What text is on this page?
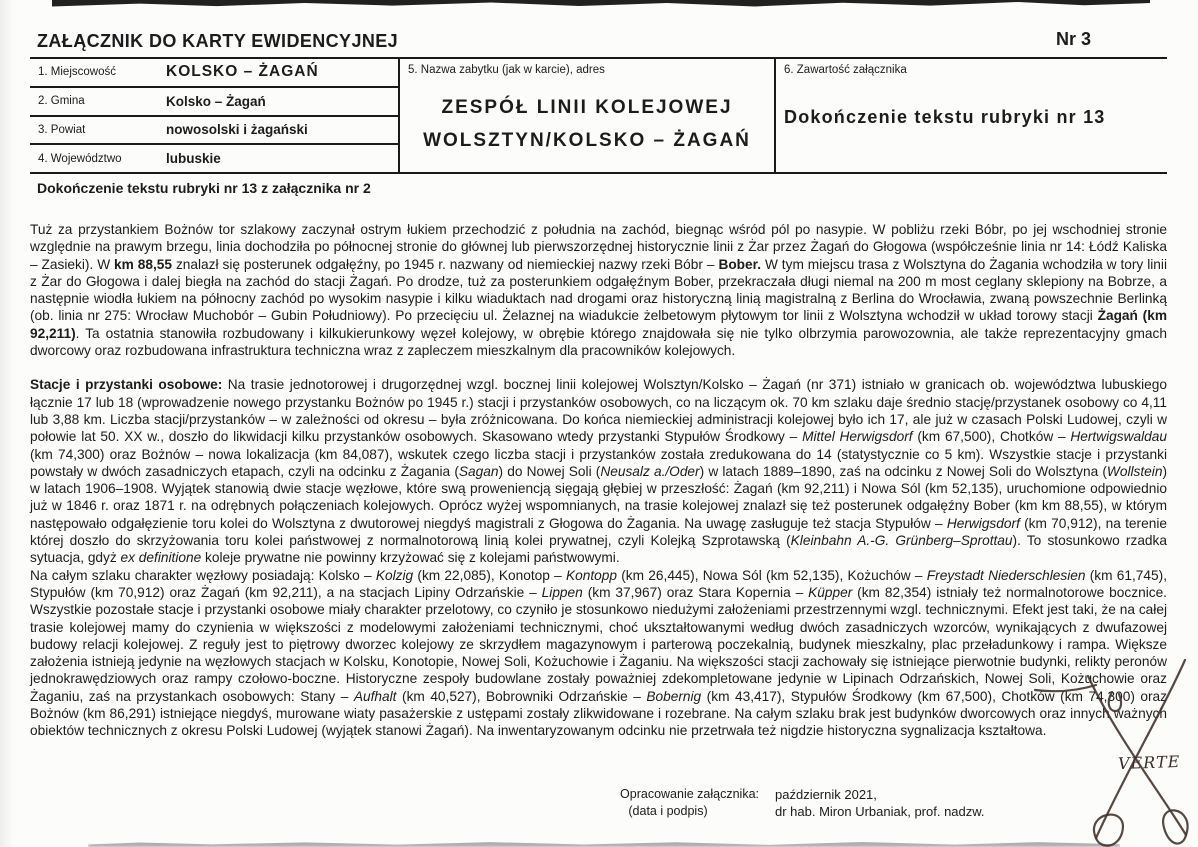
ZAŁĄCZNIK DO KARTY EWIDENCYJNEJ	Nr 3
1. Miejscowość	KOLSKO – ŻAGAŃ
2. Gmina	Kolsko – Żagań
3. Powiat	nowosolski i żagański
4. Województwo	lubuskie
5. Nazwa zabytku (jak w karcie), adres
ZESPÓŁ LINII KOLEJOWEJ
WOLSZTYN/KOLSKO – ŻAGAŃ
6. Zawartość załącznika
Dokończenie tekstu rubryki nr 13
Dokończenie tekstu rubryki nr 13 z załącznika nr 2

Tuż za przystankiem Bożnów tor szlakowy zaczynał ostrym łukiem przechodzić z południa na zachód, biegnąc wśród pól po nasypie. W pobliżu rzeki Bóbr, po jej wschodniej stronie względnie na prawym brzegu, linia dochodziła po północnej stronie do głównej lub pierwszorzędnej historycznie linii z Żar przez Żagań do Głogowa (współcześnie linia nr 14: Łódź Kaliska – Zasieki). W km 88,55 znalazł się posterunek odgałęźny, po 1945 r. nazwany od niemieckiej nazwy rzeki Bóbr – Bober. W tym miejscu trasa z Wolsztyna do Żagania wchodziła w tory linii z Żar do Głogowa i dalej biegła na zachód do stacji Żagań. Po drodze, tuż za posterunkiem odgałęźnym Bober, przekraczała długi niemal na 200 m most ceglany sklepiony na Bobrze, a następnie wiodła łukiem na północny zachód po wysokim nasypie i kilku wiaduktach nad drogami oraz historyczną linią magistralną z Berlina do Wrocławia, zwaną powszechnie Berlinką (ob. linia nr 275: Wrocław Muchobór – Gubin Południowy). Po przecięciu ul. Żelaznej na wiadukcie żelbetowym płytowym tor linii z Wolsztyna wchodził w układ torowy stacji Żagań (km 92,211). Ta ostatnia stanowiła rozbudowany i kilkukierunkowy węzeł kolejowy, w obrębie którego znajdowała się nie tylko olbrzymia parowozownia, ale także reprezentacyjny gmach dworcowy oraz rozbudowana infrastruktura techniczna wraz z zapleczem mieszkalnym dla pracowników kolejowych.

Stacje i przystanki osobowe: Na trasie jednotorowej i drugorzędnej wzgl. bocznej linii kolejowej Wolsztyn/Kolsko – Żagań (nr 371) istniało w granicach ob. województwa lubuskiego łącznie 17 lub 18 (wprowadzenie nowego przystanku Bożnów po 1945 r.) stacji i przystanków osobowych, co na liczącym ok. 70 km szlaku daje średnio stację/przystanek osobowy co 4,11 lub 3,88 km. Liczba stacji/przystanków – w zależności od okresu – była zróżnicowana. Do końca niemieckiej administracji kolejowej było ich 17, ale już w czasach Polski Ludowej, czyli w połowie lat 50. XX w., doszło do likwidacji kilku przystanków osobowych. Skasowano wtedy przystanki Stypułów Środkowy – Mittel Herwigsdorf (km 67,500), Chotków – Hertwigswaldau (km 74,300) oraz Bożnów – nowa lokalizacja (km 84,087), wskutek czego liczba stacji i przystanków została zredukowana do 14 (statystycznie co 5 km). Wszystkie stacje i przystanki powstały w dwóch zasadniczych etapach, czyli na odcinku z Żagania (Sagan) do Nowej Soli (Neusalz a./Oder) w latach 1889–1890, zaś na odcinku z Nowej Soli do Wolsztyna (Wollstein) w latach 1906–1908. Wyjątek stanowią dwie stacje węzłowe, które swą proweniencją sięgają głębiej w przeszłość: Żagań (km 92,211) i Nowa Sól (km 52,135), uruchomione odpowiednio już w 1846 r. oraz 1871 r. na odrębnych połączeniach kolejowych. Oprócz wyżej wspomnianych, na trasie kolejowej znalazł się też posterunek odgałęźny Bober (km km 88,55), w którym następowało odgałęzienie toru kolei do Wolsztyna z dwutorowej niegdyś magistrali z Głogowa do Żagania. Na uwagę zasługuje też stacja Stypułów – Herwigsdorf (km 70,912), na terenie której doszło do skrzyżowania toru kolei państwowej z normalnotorową linią kolei prywatnej, czyli Kolejką Szprotawską (Kleinbahn A.-G. Grünberg–Sprottau). To stosunkowo rzadka sytuacja, gdyż ex definitione koleje prywatne nie powinny krzyżować się z kolejami państwowymi.

Na całym szlaku charakter węzłowy posiadają: Kolsko – Kolzig (km 22,085), Konotop – Kontopp (km 26,445), Nowa Sól (km 52,135), Kożuchów – Freystadt Niederschlesien (km 61,745), Stypułów (km 70,912) oraz Żagań (km 92,211), a na stacjach Lipiny Odrzańskie – Lippen (km 37,967) oraz Stara Kopernia – Küpper (km 82,354) istniały też normalnotorowe bocznice. Wszystkie pozostałe stacje i przystanki osobowe miały charakter przelotowy, co czyniło je stosunkowo niedużymi założeniami przestrzennymi wzgl. technicznymi. Efekt jest taki, że na całej trasie kolejowej mamy do czynienia w większości z modelowymi założeniami technicznymi, choć ukształtowanymi według dwóch zasadniczych wzorców, wynikających z dwufazowej budowy relacji kolejowej. Z reguły jest to piętrowy dworzec kolejowy ze skrzydłem magazynowym i parterową poczekalnią, budynek mieszkalny, plac przeładunkowy i rampa. Większe założenia istnieją jedynie na węzłowych stacjach w Kolsku, Konotopie, Nowej Soli, Kożuchowie i Żaganiu. Na większości stacji zachowały się istniejące pierwotnie budynki, relikty peronów jednokrawędziowych oraz rampy czołowo-boczne. Historyczne zespoły budowlane zostały poważniej zdekompletowane jedynie w Lipinach Odrzańskich, Nowej Soli, Kożuchowie oraz Żaganiu, zaś na przystankach osobowych: Stany – Aufhalt (km 40,527), Bobrowniki Odrzańskie – Bobernig (km 43,417), Stypułów Środkowy (km 67,500), Chotków (km 74,300) oraz Bożnów (km 86,291) istniejące niegdyś, murowane wiaty pasażerskie z ustępami zostały zlikwidowane i rozebrane. Na całym szlaku brak jest budynków dworcowych oraz innych ważnych obiektów technicznych z okresu Polski Ludowej (wyjątek stanowi Żagań). Na inwentaryzowanym odcinku nie przetrwała też nigdzie historyczna sygnalizacja kształtowa.

Opracowanie załącznika:
(data i podpis)
październik 2021,
dr hab. Miron Urbaniak, prof. nadzw.
VERTE
